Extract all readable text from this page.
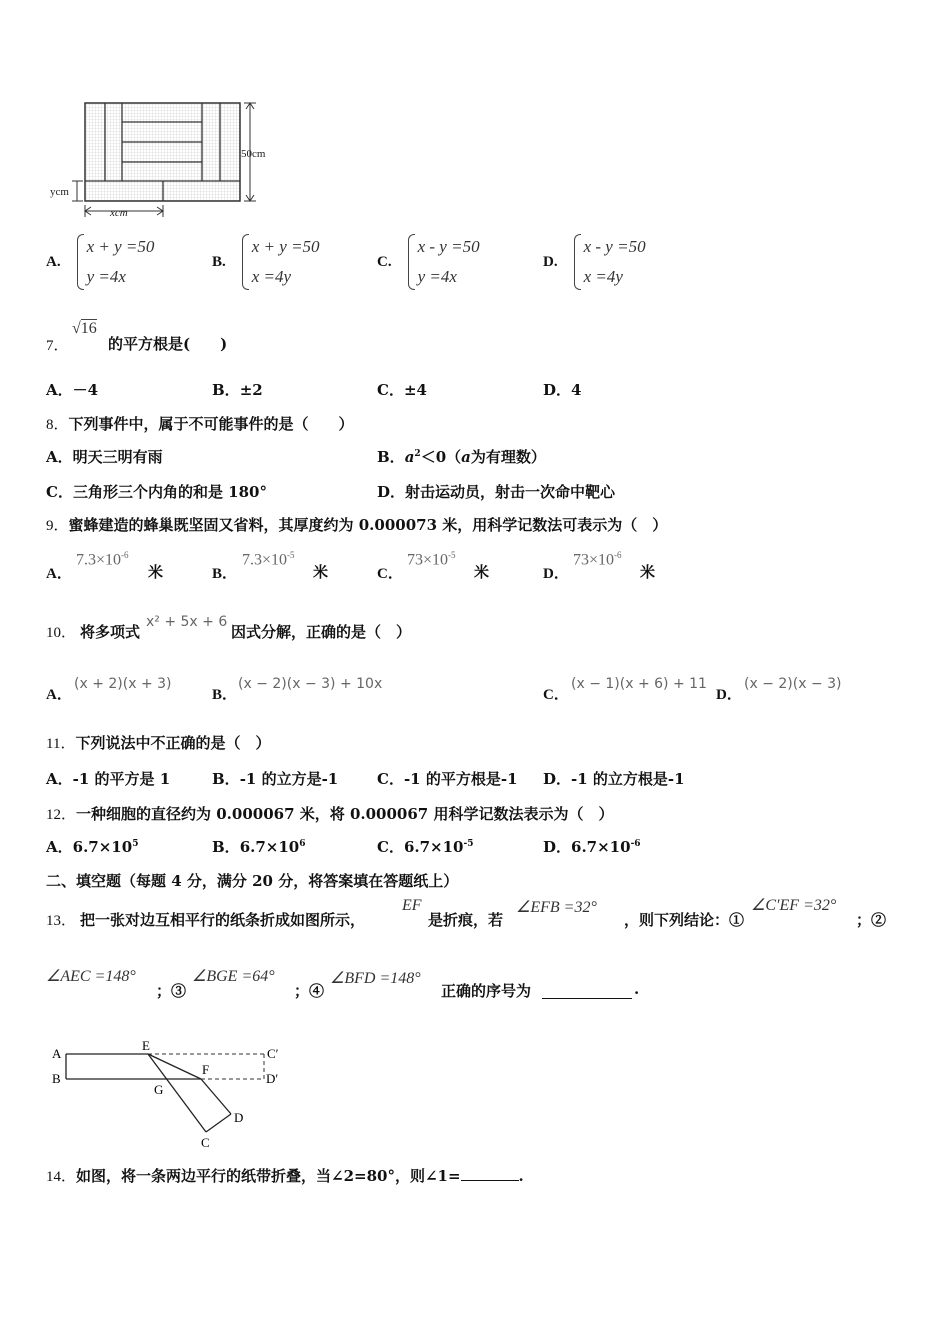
50cm
ycm
xcm
A.x + y =50
y =4x
B.x + y =50
x =4y
C.x - y =50
y =4x
D.x - y =50
x =4y
7．
√16
的平方根是(　　)
A．－4	B．±2	C．±4	D．4
8．下列事件中，属于不可能事件的是（　　）
A．明天三明有雨	B．$a^2<0(a$为有理数）
C．三角形三个内角的和是 180°	D．射击运动员，射击一次命中靶心
9．蜜蜂建造的蜂巢既坚固又省料，其厚度约为 0.000073 米，用科学记数法可表示为（　）
A．
$7.3\times 10^{-6}$
米	B．
$7.3\times 10^{-5}$
米	C．
$73\times 10^{-5}$
米	D．
$73\times 10^{-6}$
米
10． 将多项式
x² + 5x + 6
因式分解，正确的是（　）
A．
(x + 2)(x + 3)
B．
(x − 2)(x − 3) + 10x
C．
(x − 1)(x + 6) + 11
D．
(x − 2)(x − 3)
11．下列说法中不正确的是（　）
A．-1 的平方是 1	B．-1 的立方是-1	C．-1 的平方根是-1 D．-1 的立方根是-1
12．一种细胞的直径约为 0.000067 米，将 0.000067 用科学记数法表示为（　）
A．$6.7\times 10^5$	B．$6.7\times 10^6$	C．$6.7\times 10^{-5}$	D．$6.7\times 10^{-6}$
二、填空题（每题 4 分，满分 20 分，将答案填在答题纸上）
13． 把一张对边互相平行的纸条折成如图所示，
EF
是折痕，若
∠EFB =32°
，则下列结论：①
∠C′EF =32°
；②
∠AEC =148°
；③
∠BGE =64°
；④
∠BFD =148°
正确的序号为	.
A
B
E
F
G
C
D
C′
D′
14．如图，将一条两边平行的纸带折叠，当∠2=80°，则∠1=	.
